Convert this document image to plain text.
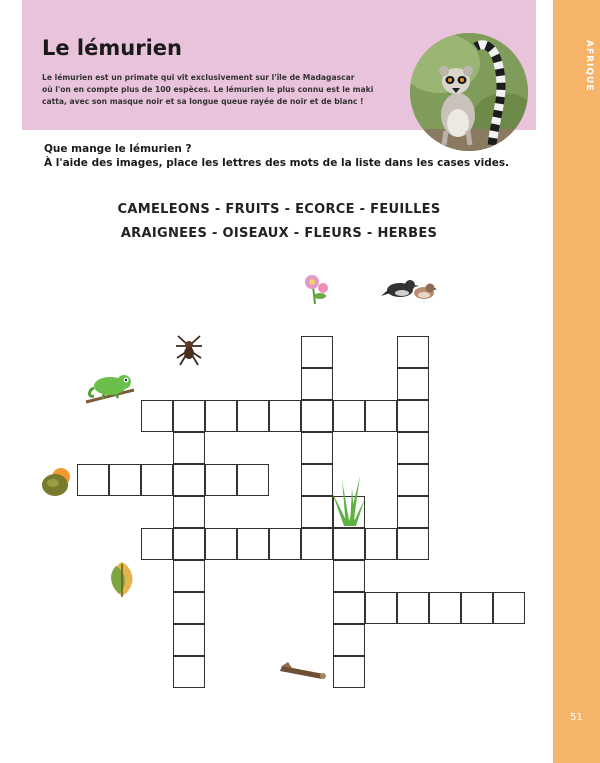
Le lémurien

Le lémurien est un primate qui vit exclusivement sur l'île de Madagascar
où l'on en compte plus de 100 espèces. Le lémurien le plus connu est le maki
catta, avec son masque noir et sa longue queue rayée de noir et de blanc !

AFRIQUE
51

Que mange le lémurien ?
À l'aide des images, place les lettres des mots de la liste dans les cases vides.

CAMELEONS - FRUITS - ECORCE - FEUILLES

ARAIGNEES - OISEAUX - FLEURS - HERBES
